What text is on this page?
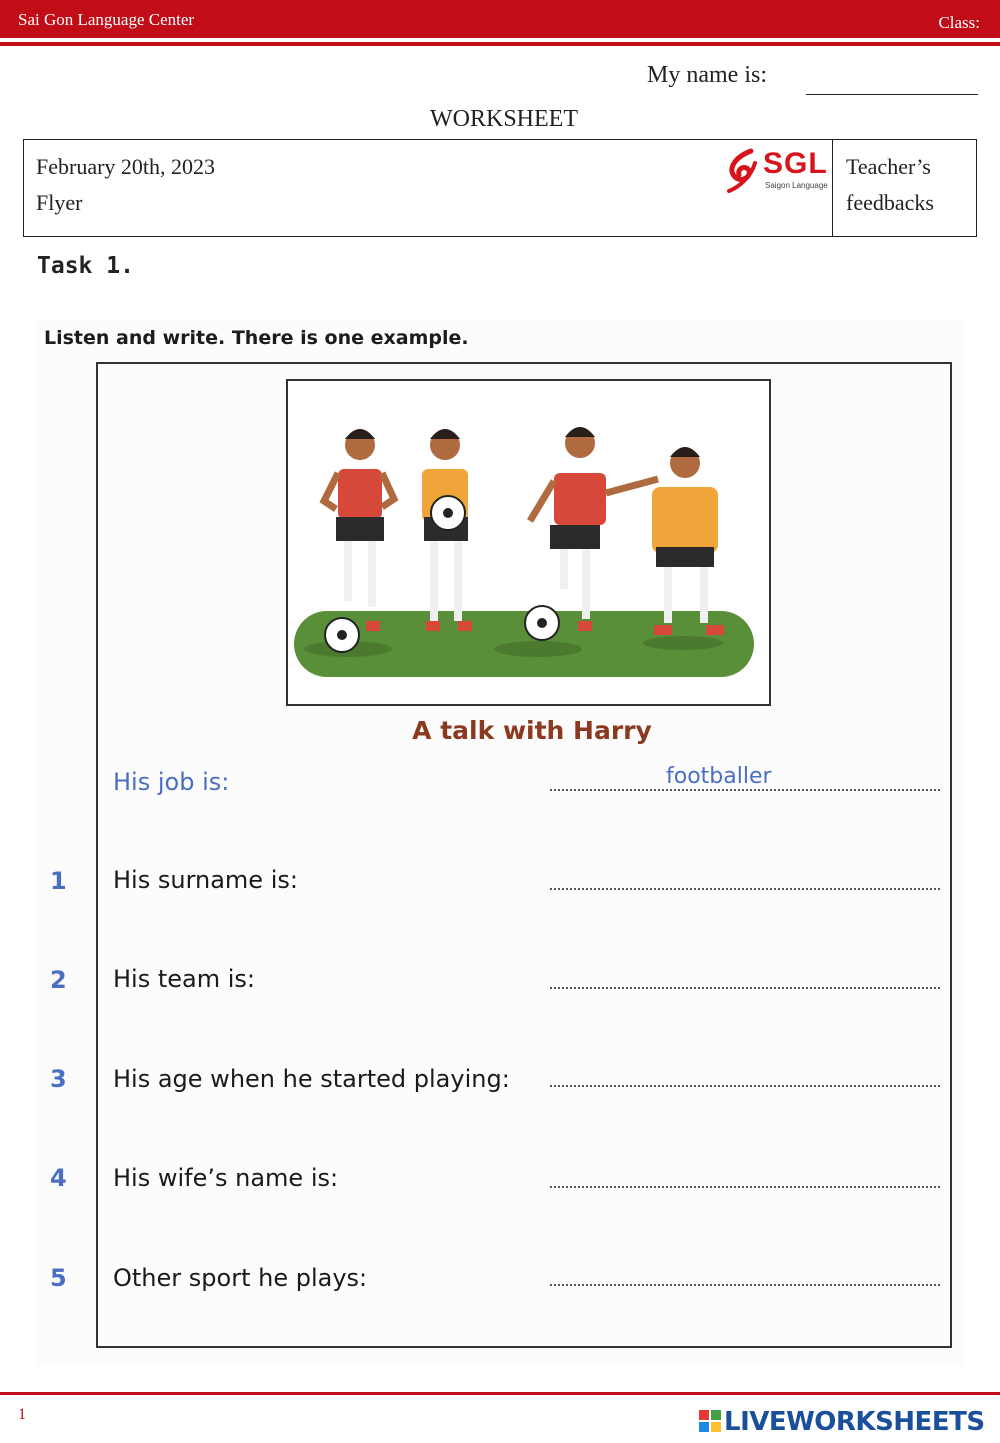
Sai Gon Language Center	Class:
My name is:
WORKSHEET
February 20th, 2023
Flyer
SGL
Saigon Language
Teacher’s
feedbacks
Task 1.
Listen and write. There is one example.
A talk with Harry
His job is:	footballer
1 His surname is:
2 His team is:
3 His age when he started playing:
4 His wife’s name is:
5 Other sport he plays:
1	LIVEWORKSHEETS
